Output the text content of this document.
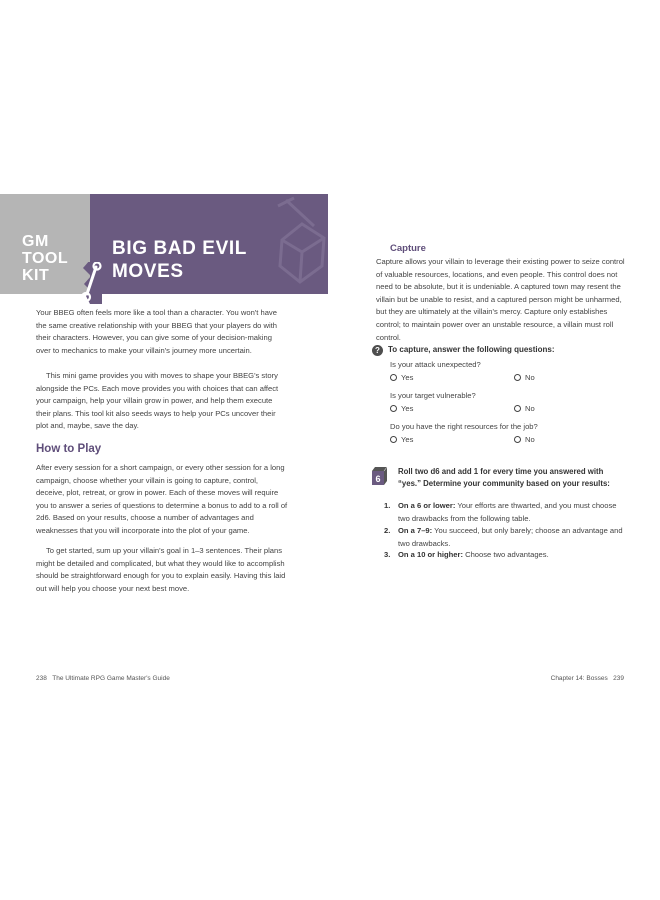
GM
TOOL
KIT
BIG BAD EVIL
MOVES

Your BBEG often feels more like a tool than a character. You won't have the same creative relationship with your BBEG that your players do with their characters. However, you can give some of your decision-making over to mechanics to make your villain's journey more uncertain.

This mini game provides you with moves to shape your BBEG's story alongside the PCs. Each move provides you with choices that can affect your campaign, help your villain grow in power, and help them execute their plans. This tool kit also seeds ways to help your PCs uncover their plot and, maybe, save the day.

How to Play

After every session for a short campaign, or every other session for a long campaign, choose whether your villain is going to capture, control, deceive, plot, retreat, or grow in power. Each of these moves will require you to answer a series of questions to determine a bonus to add to a roll of 2d6. Based on your results, choose a number of advantages and weaknesses that you will incorporate into the plot of your game.

To get started, sum up your villain's goal in 1–3 sentences. Their plans might be detailed and complicated, but what they would like to accomplish should be straightforward enough for you to explain easily. Having this laid out will help you choose your next best move.

Capture

Capture allows your villain to leverage their existing power to seize control of valuable resources, locations, and even people. This control does not need to be absolute, but it is undeniable. A captured town may resent the villain but be unable to resist, and a captured person might be unharmed, but they are ultimately at the villain's mercy. Capture only establishes control; to maintain power over an unstable resource, a villain must roll control.

?	To capture, answer the following questions:
Is your attack unexpected?
Yes	No
Is your target vulnerable?
Yes	No
Do you have the right resources for the job?
Yes	No
6
Roll two d6 and add 1 for every time you answered with “yes.” Determine your community based on your results:
1. On a 6 or lower: Your efforts are thwarted, and you must choose two drawbacks from the following table.
2. On a 7–9: You succeed, but only barely; choose an advantage and two drawbacks.
3. On a 10 or higher: Choose two advantages.
238 The Ultimate RPG Game Master's Guide	Chapter 14: Bosses 239
